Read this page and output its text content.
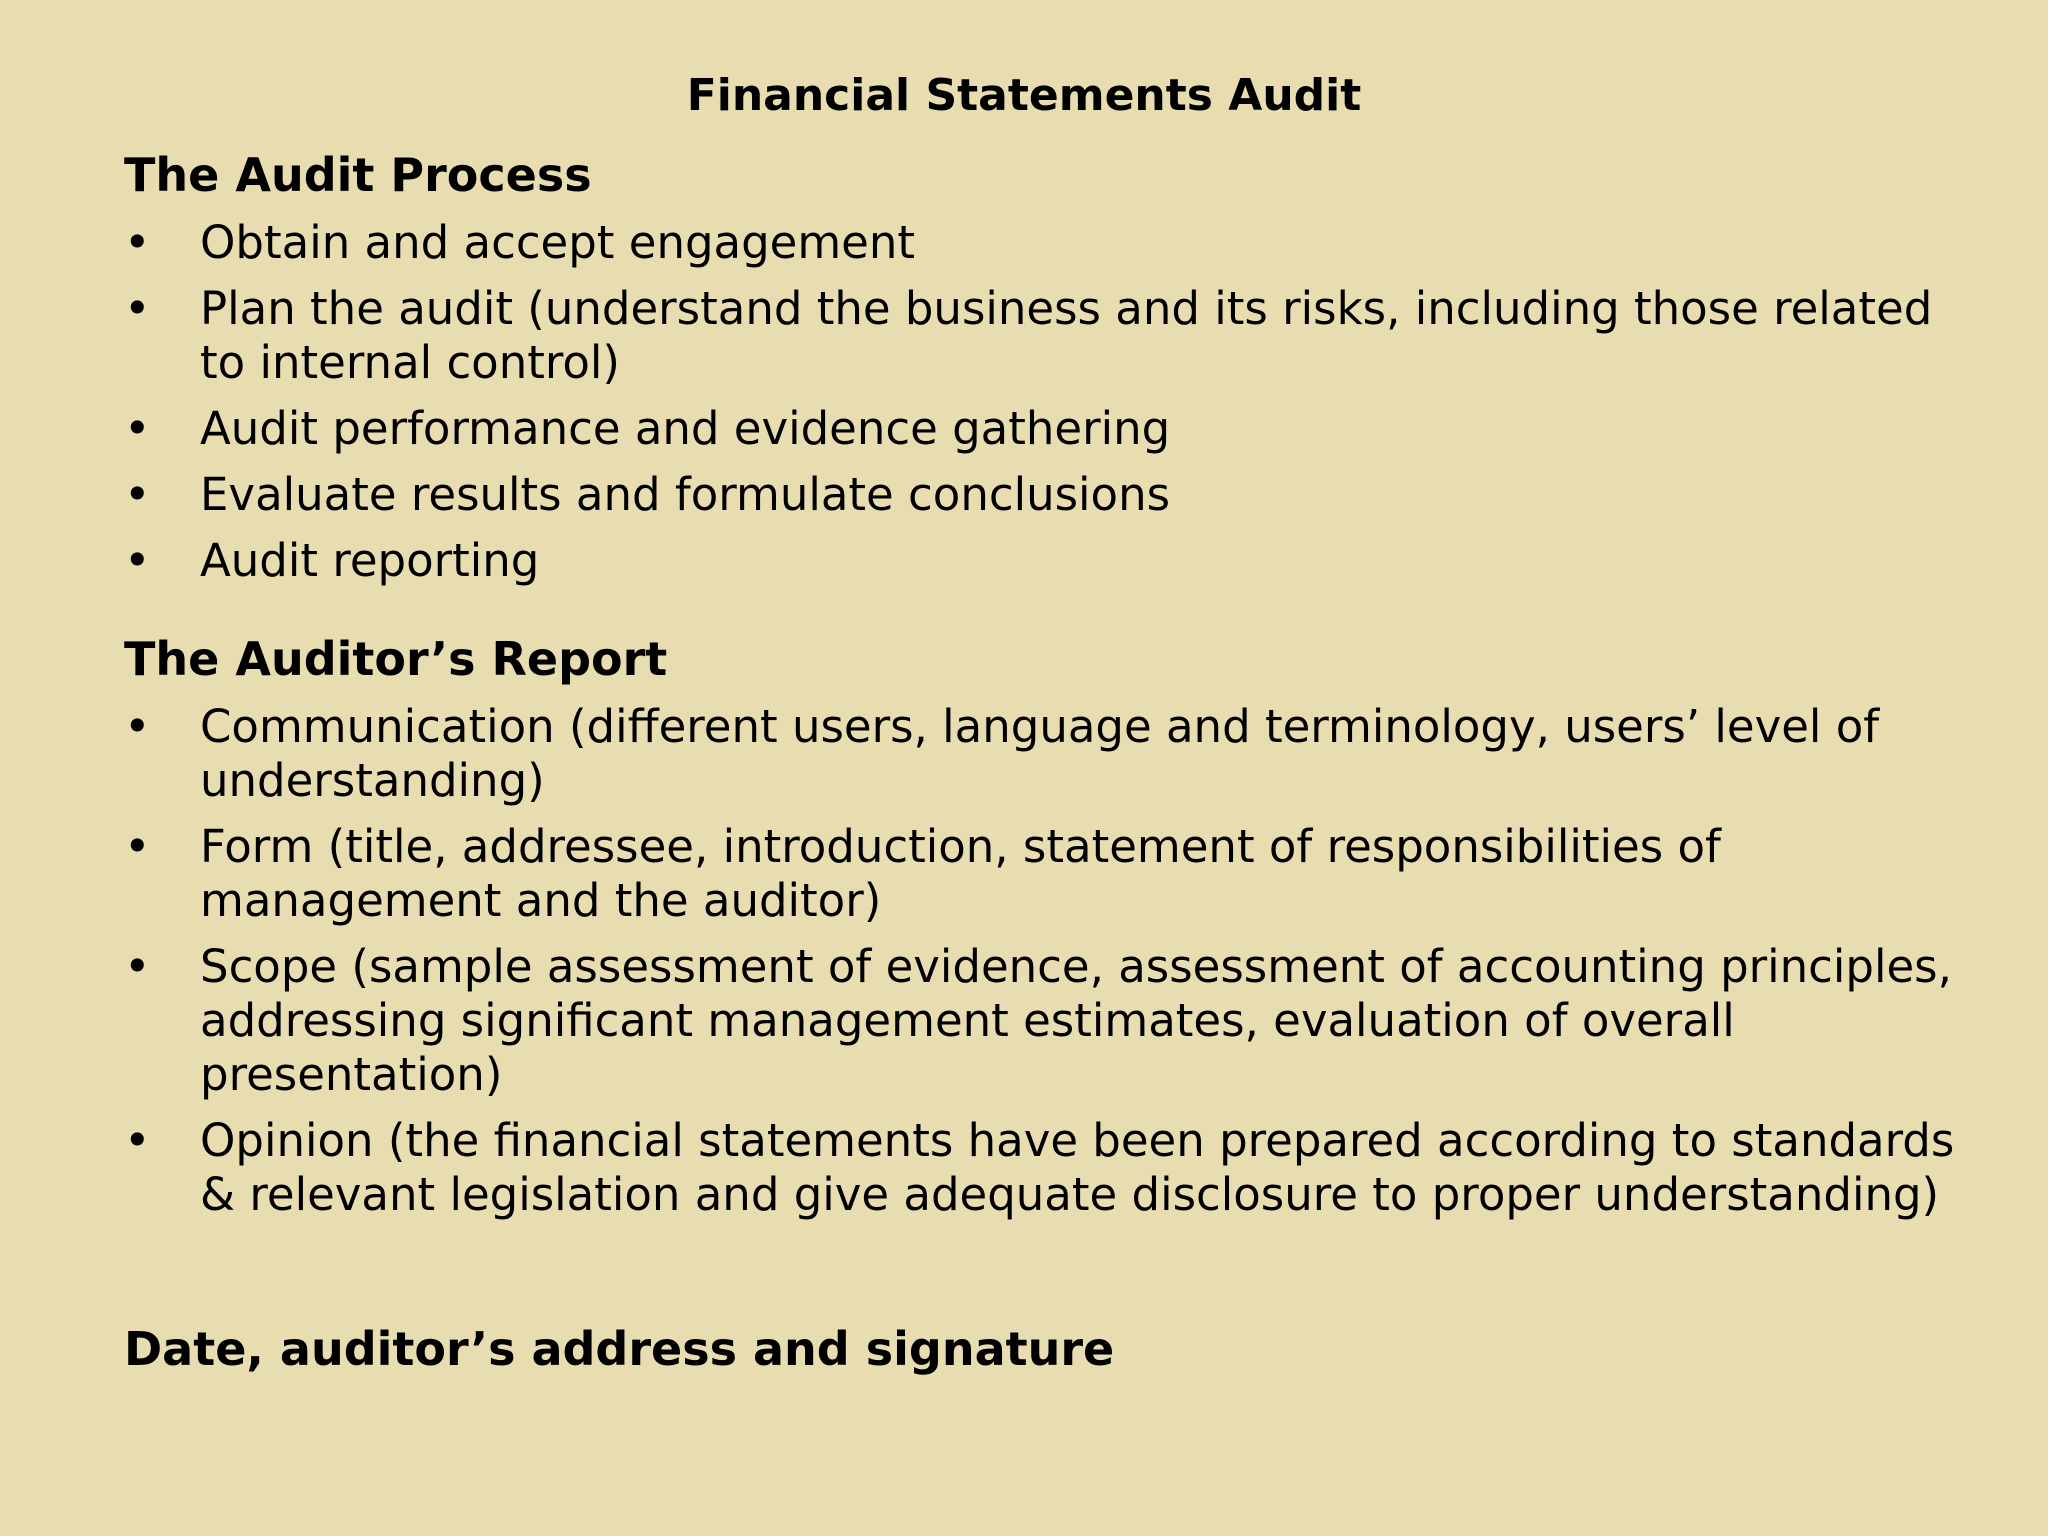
Financial Statements Audit
The Audit Process
• Obtain and accept engagement
• Plan the audit (understand the business and its risks, including those related to internal control)
• Audit performance and evidence gathering
• Evaluate results and formulate conclusions
• Audit reporting
The Auditor’s Report
• Communication (different users, language and terminology, users’ level of understanding)
• Form (title, addressee, introduction, statement of responsibilities of management and the auditor)
• Scope (sample assessment of evidence, assessment of accounting principles, addressing significant management estimates, evaluation of overall presentation)
• Opinion (the financial statements have been prepared according to standards & relevant legislation and give adequate disclosure to proper understanding)
Date, auditor’s address and signature
